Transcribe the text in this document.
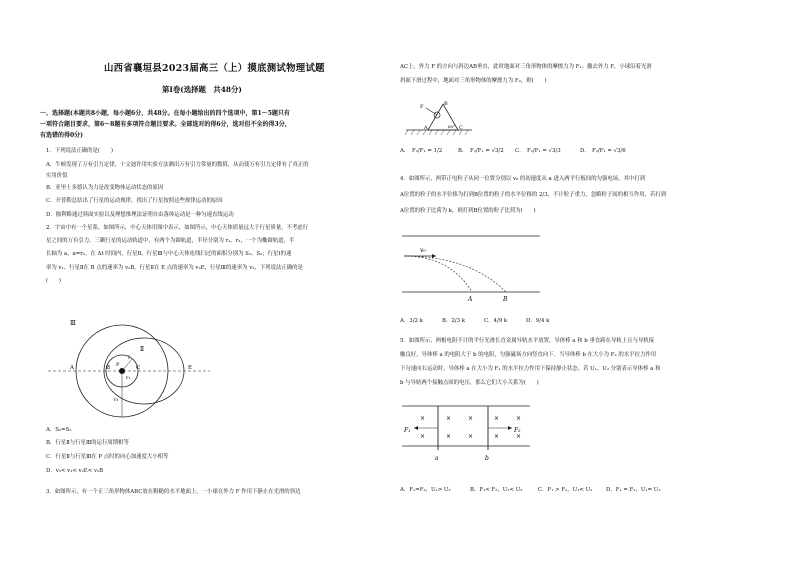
山西省襄垣县2023届高三（上）摸底测试物理试题
第Ⅰ卷(选择题　共48分)
一、选择题(本题共8小题，每小题6分，共48分。在每小题给出的四个选项中，第1～5题只有
一项符合题目要求，第6～8题有多项符合题目要求。全部选对的得6分，选对但不全的得3分，
有选错的得0分)
1．下列说法正确的是(　　)
A．牛顿发现了万有引力定律，十文迪许用实验方法测出万有引力常量的数值，从而使万有引力定律有了真正的
实用价值
B．亚里士多德认为力是改变物体运动状态的原因
C．开普勒总结出了行星的运动规律，找出了行星按照这些规律运动的原因
D．伽利略通过斜面实验以及理想推理法证明自由落体运动是一种匀速直线运动
2．宇宙中有一个星系，如图所示，中心天体用图中表示，如图所示，中心天体质量远大于行星质量，不考虑行
星之间的万有引力，三颗行星的运动轨道中，有两个为圆轨道，半径分别为 r₁、r₃，一个为椭圆轨道，半
长轴为 a，a=r₃。在 Δt 时间内，行星Ⅱ、行星Ⅲ与中心天体连线扫过的面积分别为 S₂、S₃；行星Ⅰ的速
率为 v₁、行星Ⅱ在 B 点的速率为 v₂B，行星Ⅱ在 E 点的速率为 v₂E，行星Ⅲ的速率为 v₃，下列说法正确的是
(　　)
Ⅲ
Ⅱ
Ⅰ
A	B	C	E
P
r₁
r₃
A．S₂=S₃
B．行星Ⅱ与行星Ⅲ的运行周期相等
C．行星Ⅱ与行星Ⅲ在 P 点时的向心加速度大小相等
D．v₃< v₁< v₂E< v₂B
3．如图所示，有一个正三角形物体ABC放在粗糙的水平地面上，一小球在外力 F 作用下静止在光滑的斜边
AC上，外力 F 的方向与斜边AB垂直，此时地面对三角形物体的摩擦力为 F₁；撤去外力 F，小球沿着光滑
斜面下滑过程中，地面对三角形物体的摩擦力为 F₂，则(　　)
F
A
B
C
60°
A． F₂/F₁ = 1/2	B． F₂/F₁ = √3/2 C． F₂/F₁ = √3/3	D． F₂/F₁ = √3/6
4．如图所示，两带正电粒子从同一位置分别以 v₀ 的初速度从 a 进入两平行板间的匀强电场，其中打到
A位置的粒子的水平位移为打到B位置的粒子的水平位移的 2/3，不计粒子重力，忽略粒子间的相互作用，若打到
A位置的粒子比荷为 k，则打到B位置的粒子比荷为(　　)
v₀
A	B
A．3/2 k	B．2/3 k	C．4/9 k	D．9/4 k
5．如图所示，两根电阻不计的平行光滑长直金属导轨水平放置，导体棒 a 和 b 垂直跨在导轨上且与导轨接
触良好，导体棒 a 的电阻大于 b 的电阻，匀强磁场方向竖直向下。当导体棒 b 在大小为 F₂ 的水平拉力作用
下匀速向右运动时，导体棒 a 在大小为 F₁ 的水平拉力作用下保持静止状态。若 U₁、U₂ 分别表示导体棒 a 和
b 与导轨两个接触点间的电压，那么它们大小关系为(　　)
×	×	×	×	×
×	×	×	×	×
F₁	F₂
a	b
A．F₁=F₂，U₁> U₂	B．F₁< F₂，U₁< U₂	C．F₁ > F₂，U₁< U₂	D．F₁ = F₂，U₁= U₂
